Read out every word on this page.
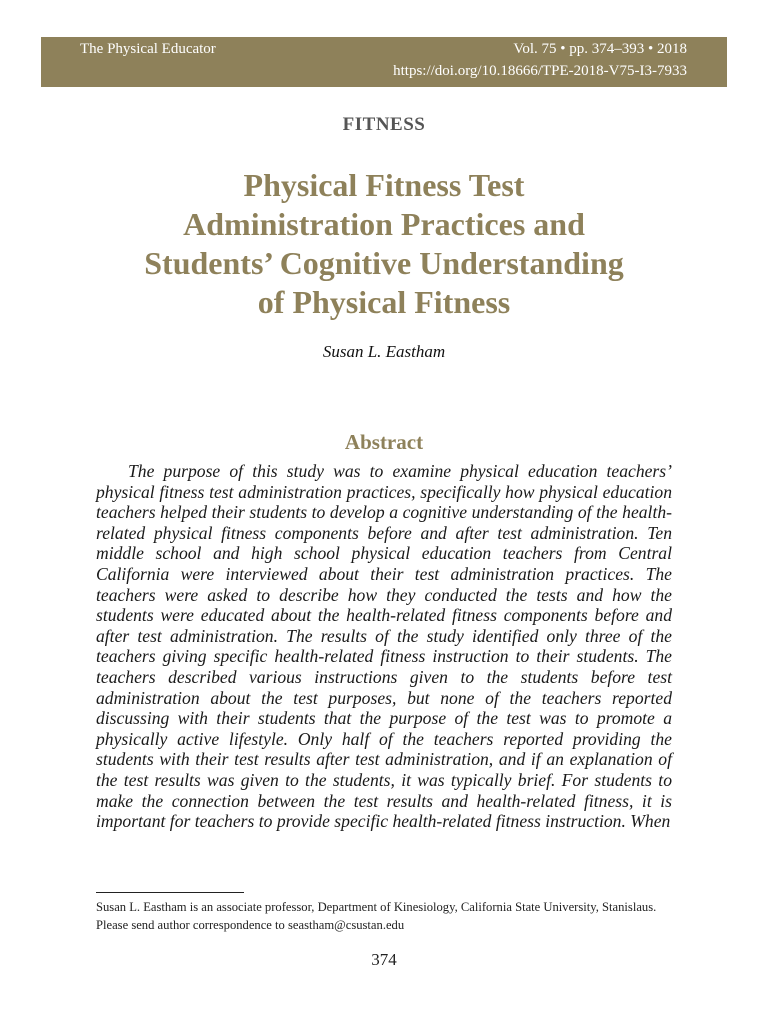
The Physical Educator	Vol. 75 • pp. 374–393 • 2018
https://doi.org/10.18666/TPE-2018-V75-I3-7933
FITNESS
Physical Fitness Test
Administration Practices and
Students’ Cognitive Understanding
of Physical Fitness
Susan L. Eastham
Abstract

The purpose of this study was to examine physical education teachers’ physical fitness test administration practices, specifically how physical education teachers helped their students to develop a cognitive understanding of the health-related physical fitness components before and after test administration. Ten middle school and high school physical education teachers from Central California were interviewed about their test administration practices. The teachers were asked to describe how they conducted the tests and how the students were educated about the health-related fitness components before and after test administration. The results of the study identified only three of the teachers giving specific health-related fitness instruction to their students. The teachers described various instructions given to the students before test administration about the test purposes, but none of the teachers reported discussing with their students that the purpose of the test was to promote a physically active lifestyle. Only half of the teachers reported providing the students with their test results after test administration, and if an explanation of the test results was given to the students, it was typically brief. For students to make the connection between the test results and health-related fitness, it is important for teachers to provide specific health-related fitness instruction. When

Susan L. Eastham is an associate professor, Department of Kinesiology, California State University, Stanislaus. Please send author correspondence to seastham@csustan.edu

374
